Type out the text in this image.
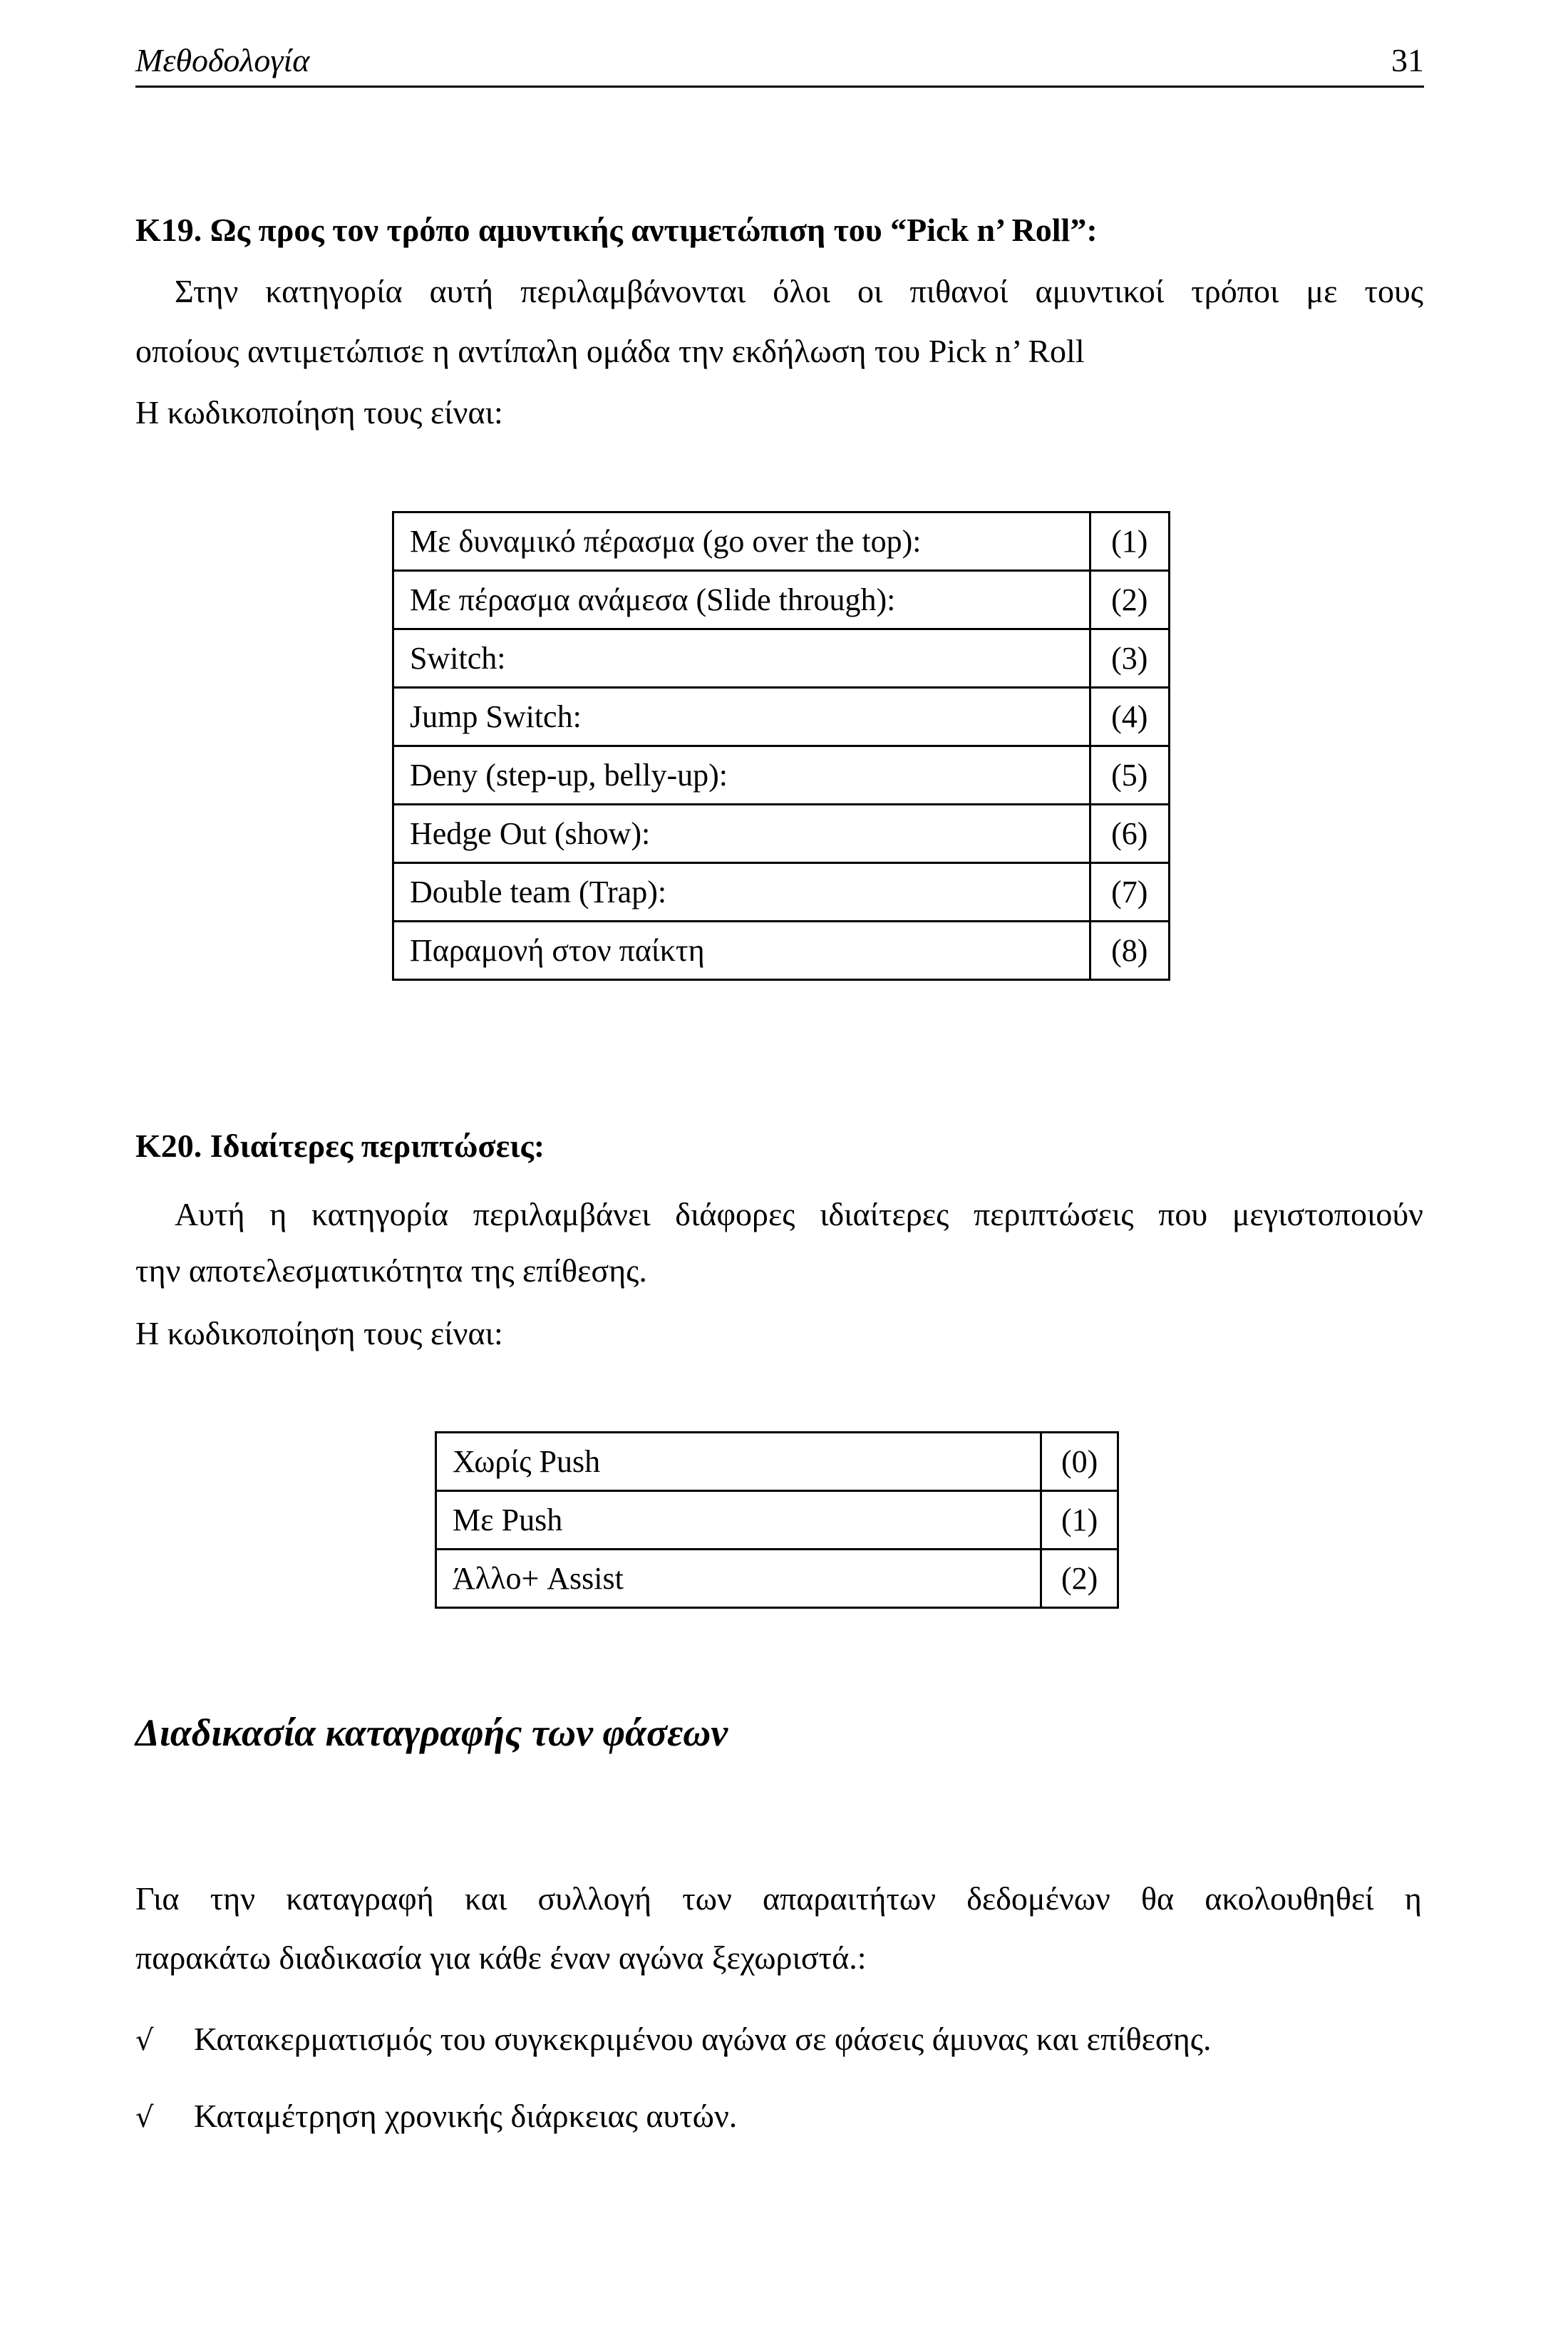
Μεθοδολογία	31
Κ19. Ως προς τον τρόπο αμυντικής αντιμετώπιση του “Pick n’ Roll”:
Στην κατηγορία αυτή περιλαμβάνονται όλοι οι πιθανοί αμυντικοί τρόποι με τους
οποίους αντιμετώπισε η αντίπαλη ομάδα την εκδήλωση του Pick n’ Roll
Η κωδικοποίηση τους είναι:
Με δυναμικό πέρασμα (go over the top):	(1)
Με πέρασμα ανάμεσα (Slide through):	(2)
Switch:	(3)
Jump Switch:	(4)
Deny (step-up, belly-up):	(5)
Hedge Out (show):	(6)
Double team (Trap):	(7)
Παραμονή στον παίκτη	(8)
Κ20. Ιδιαίτερες περιπτώσεις:
Αυτή η κατηγορία περιλαμβάνει διάφορες ιδιαίτερες περιπτώσεις που μεγιστοποιούν
την αποτελεσματικότητα της επίθεσης.
Η κωδικοποίηση τους είναι:
Χωρίς Push	(0)
Με Push	(1)
Άλλο+ Assist	(2)
Διαδικασία καταγραφής των φάσεων
Για την καταγραφή και συλλογή των απαραιτήτων δεδομένων θα ακολουθηθεί η
παρακάτω διαδικασία για κάθε έναν αγώνα ξεχωριστά.:
√ Κατακερματισμός του συγκεκριμένου αγώνα σε φάσεις άμυνας και επίθεσης.
√ Καταμέτρηση χρονικής διάρκειας αυτών.
